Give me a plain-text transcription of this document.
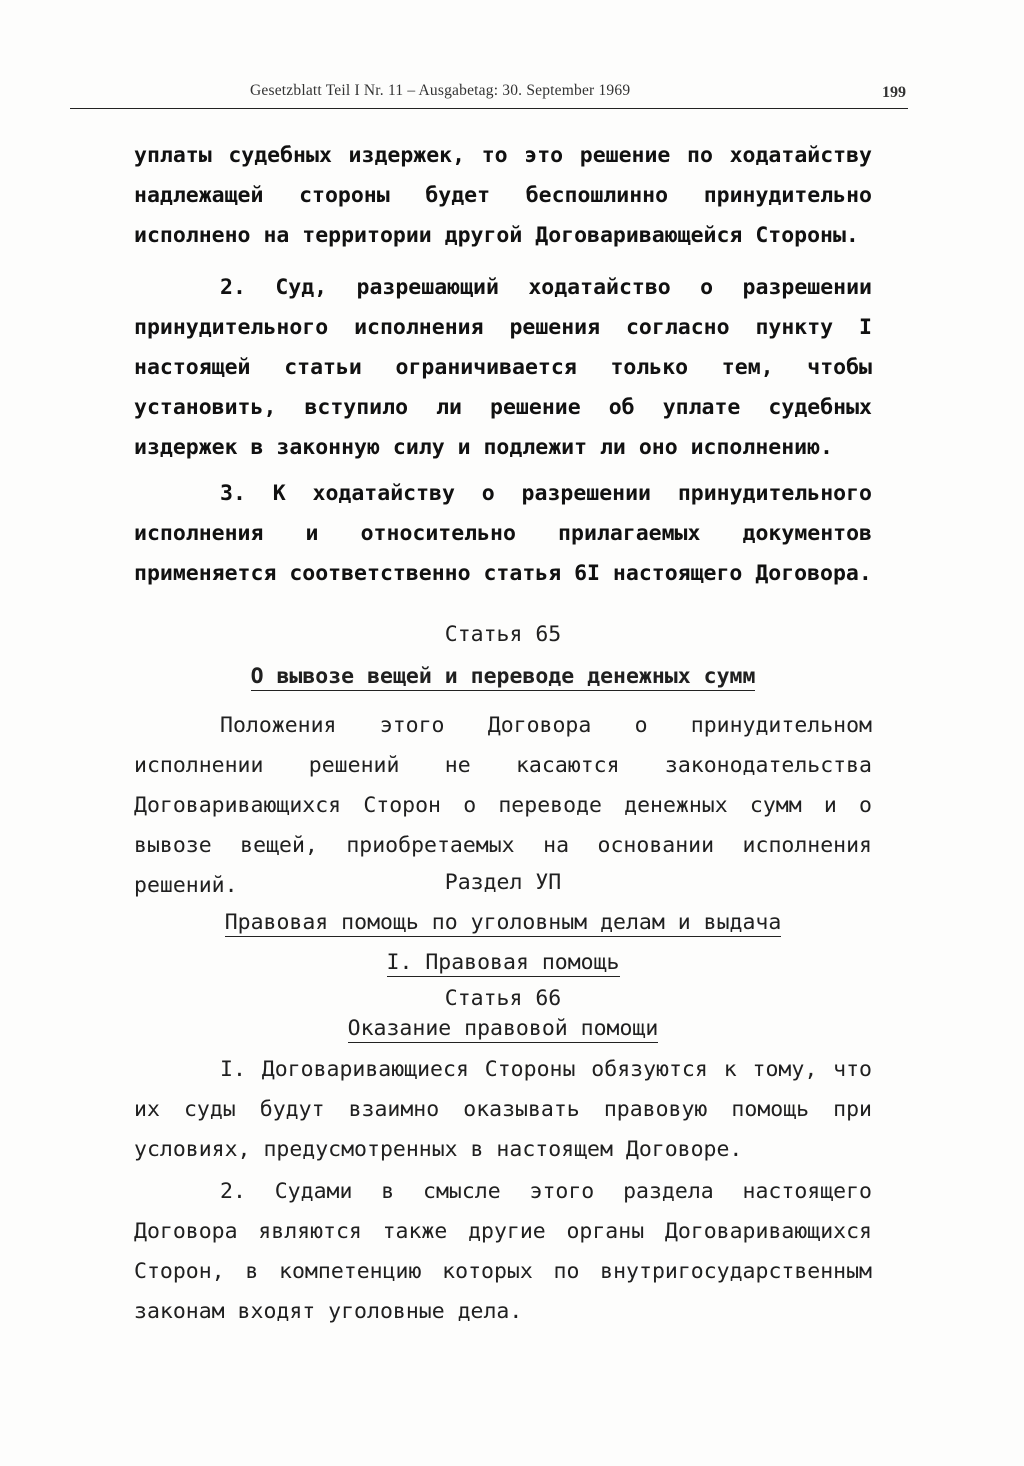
Gesetzblatt Teil I Nr. 11 – Ausgabetag: 30. September 1969	199

уплаты судебных издержек, то это решение по ходатайству надлежащей стороны будет беспошлинно принудительно исполнено на территории другой Договаривающейся Стороны.

2. Суд, разрешающий ходатайство о разрешении принудительного исполнения решения согласно пункту I настоящей статьи ограничивается только тем, чтобы установить, вступило ли решение об уплате судебных издержек в законную силу и подлежит ли оно исполнению.

3. К ходатайству о разрешении принудительного исполнения и относительно прилагаемых документов применяется соответственно статья 6I настоящего Договора.

Статья 65

О вывозе вещей и переводе денежных сумм

Положения этого Договора о принудительном исполнении решений не касаются законодательства Договаривающихся Сторон о переводе денежных сумм и о вывозе вещей, приобретаемых на основании исполнения решений.	Раздел УП

Правовая помощь по уголовным делам и выдача

I. Правовая помощь

Статья 66

Оказание правовой помощи

I. Договаривающиеся Стороны обязуются к тому, что их суды будут взаимно оказывать правовую помощь при условиях, предусмотренных в настоящем Договоре.

2. Судами в смысле этого раздела настоящего Договора являются также другие органы Договаривающихся Сторон, в компетенцию которых по внутригосударственным законам входят уголовные дела.
